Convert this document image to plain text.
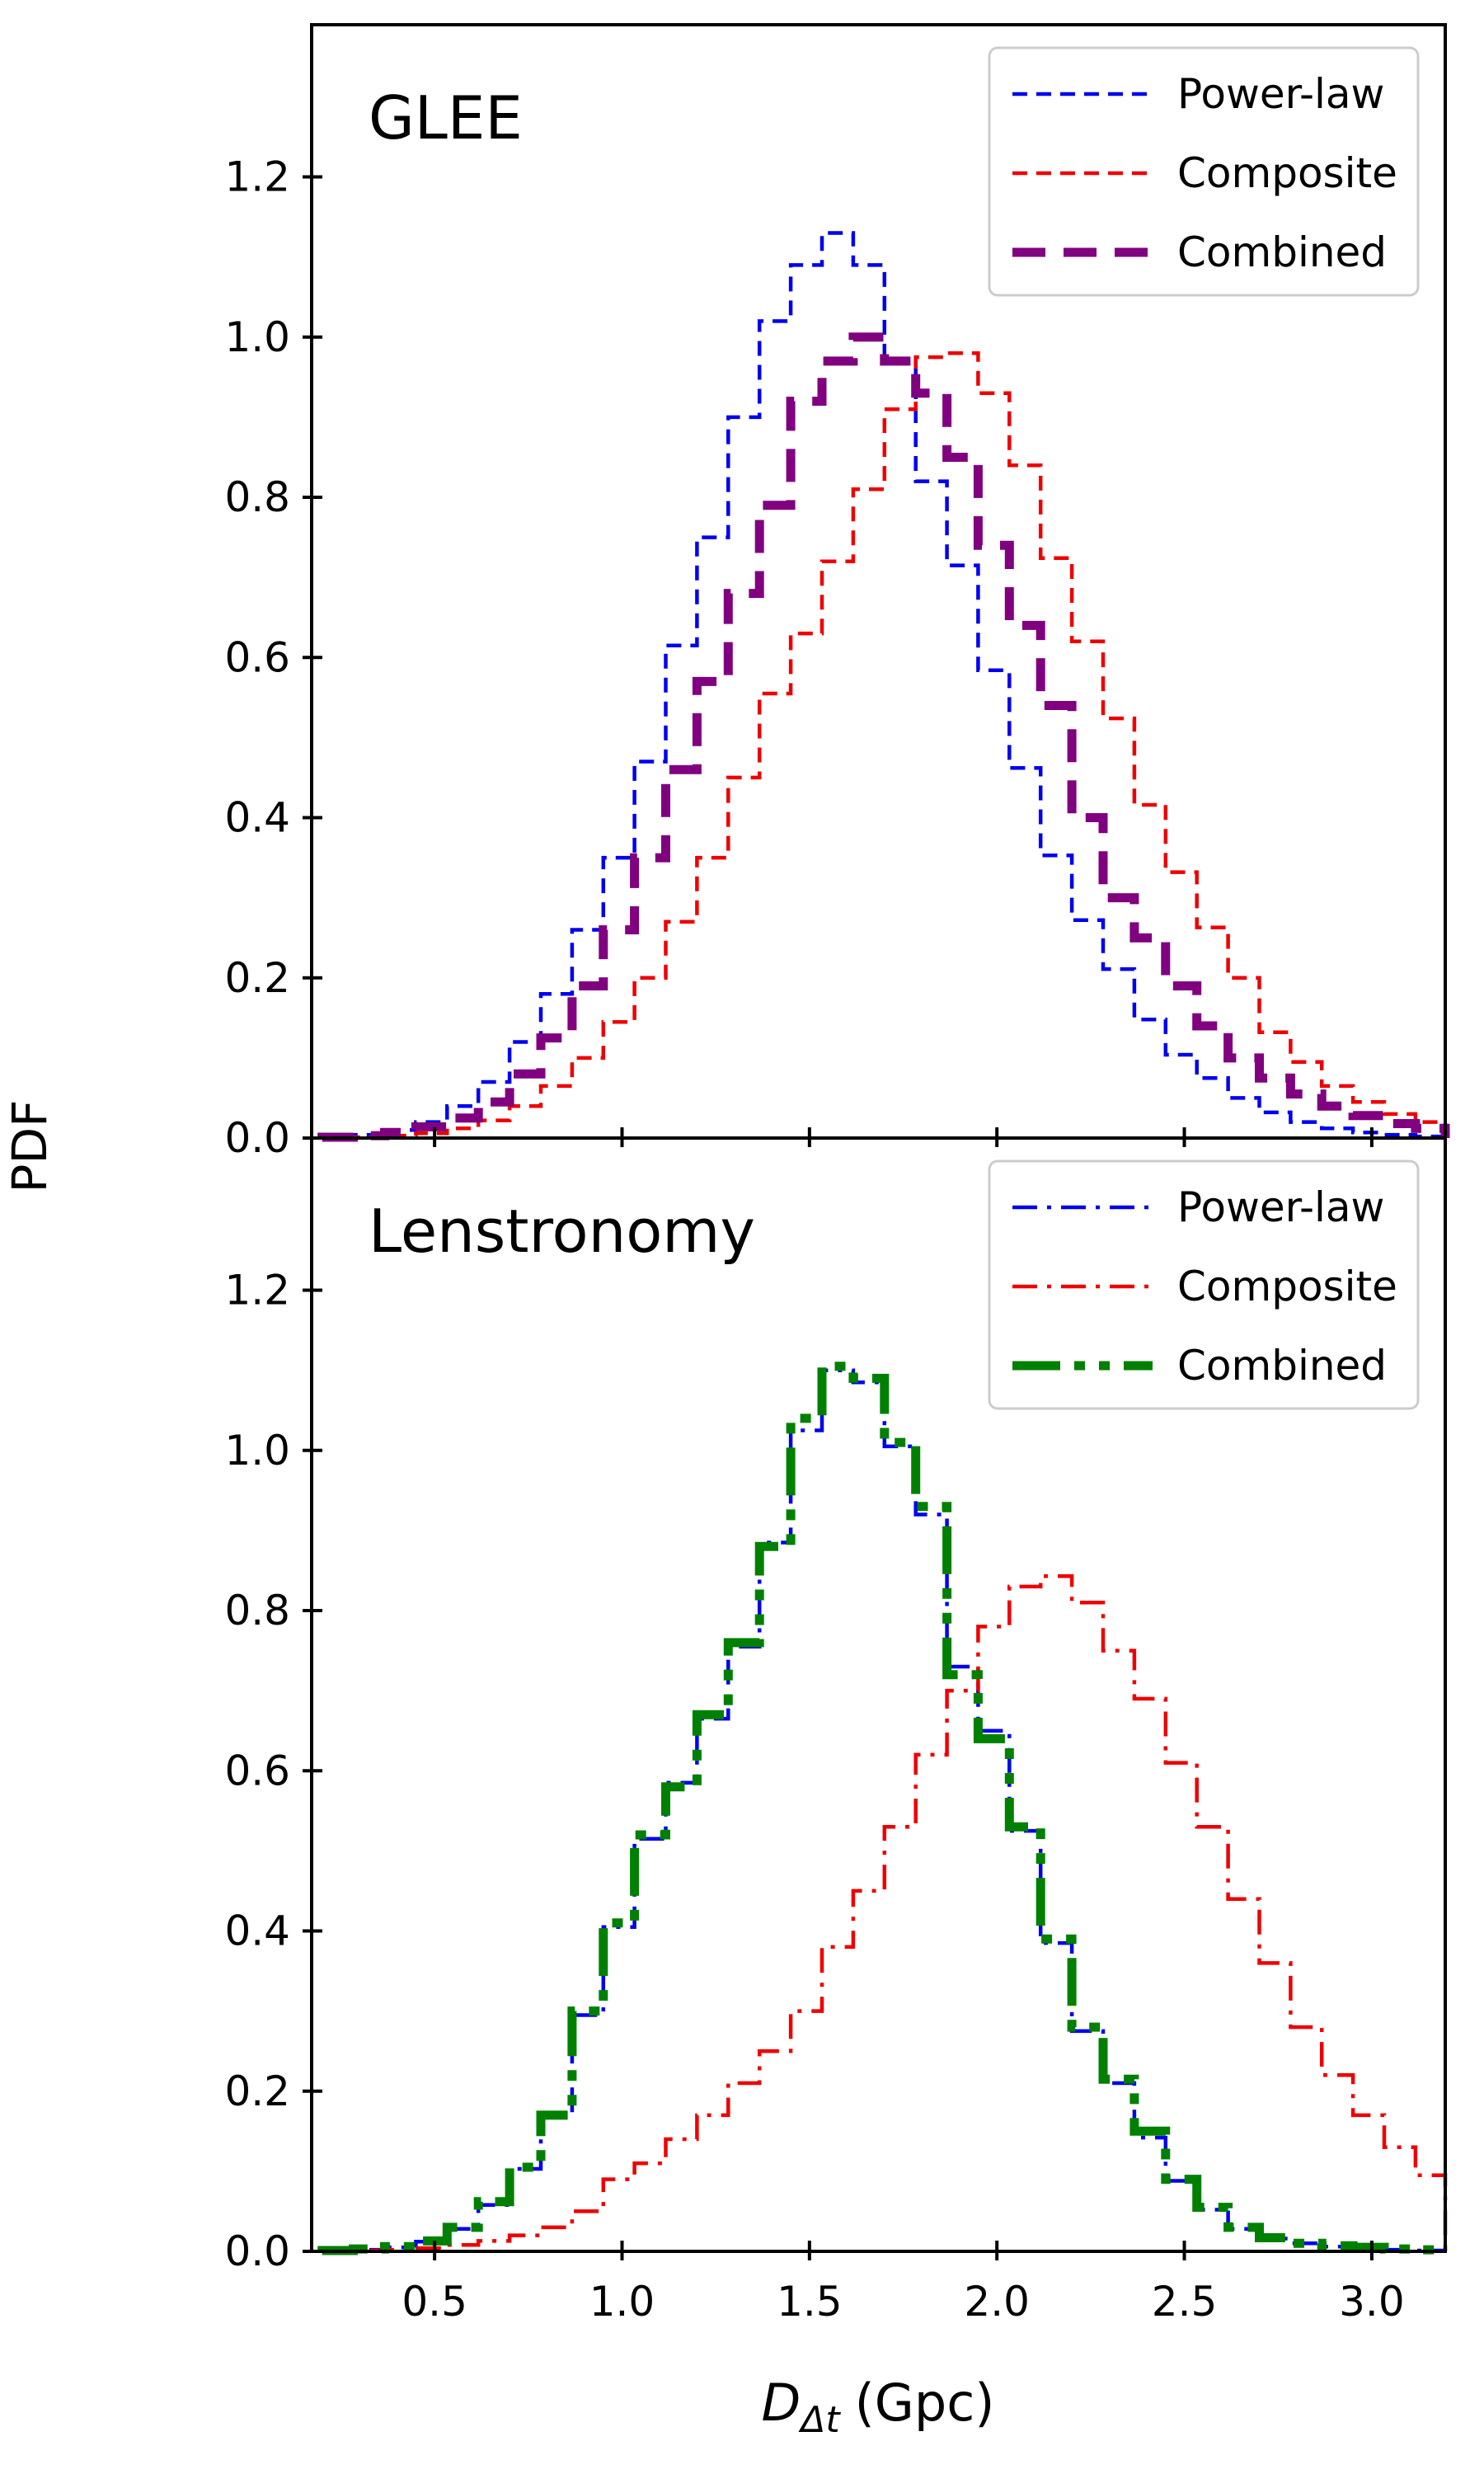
0.0
0.2
0.4
0.6
0.8
1.0
1.2
Power-law
Composite
Combined
0.0
0.2
0.4
0.6
0.8
1.0
1.2
0.5	1.0	1.5	2.0	2.5	3.0
Power-law
Composite
Combined
GLEE
Lenstronomy
PDF
$D_{\Delta t}$ (Gpc)
